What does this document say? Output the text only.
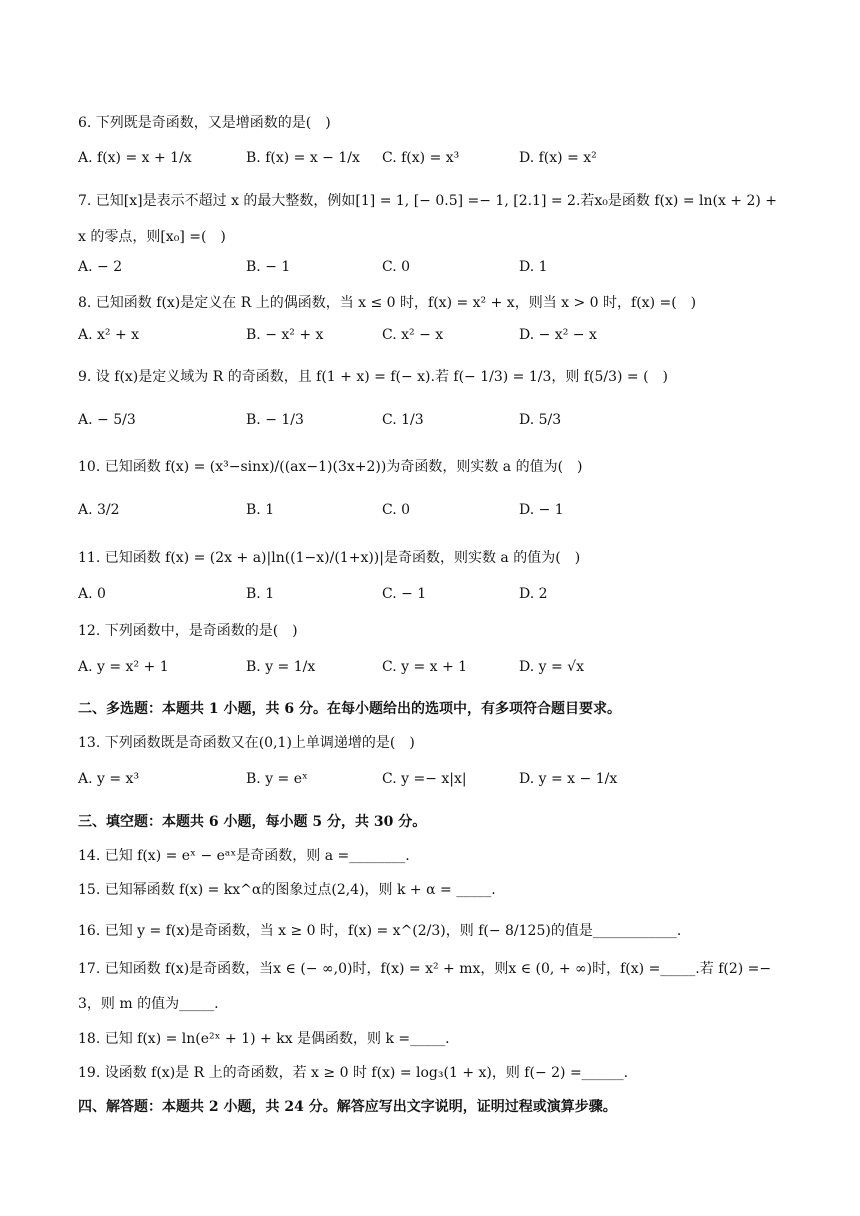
6. 下列既是奇函数，又是增函数的是(　)
A. f(x) = x + 1/x	B. f(x) = x − 1/x C. f(x) = x³	D. f(x) = x²
7. 已知[x]是表示不超过 x 的最大整数，例如[1] = 1, [− 0.5] =− 1, [2.1] = 2.若x₀是函数 f(x) = ln(x + 2) +
x 的零点，则[x₀] =(　)
A. − 2	B. − 1	C. 0	D. 1
8. 已知函数 f(x)是定义在 R 上的偶函数，当 x ≤ 0 时，f(x) = x² + x，则当 x > 0 时，f(x) =(　)
A. x² + x	B. − x² + x	C. x² − x	D. − x² − x
9. 设 f(x)是定义域为 R 的奇函数，且 f(1 + x) = f(− x).若 f(− 1/3) = 1/3，则 f(5/3) = (　)
A. − 5/3	B. − 1/3	C. 1/3	D. 5/3
10. 已知函数 f(x) = (x³−sinx)/((ax−1)(3x+2))为奇函数，则实数 a 的值为(　)
A. 3/2	B. 1	C. 0	D. − 1
11. 已知函数 f(x) = (2x + a)|ln((1−x)/(1+x))|是奇函数，则实数 a 的值为(　)
A. 0	B. 1	C. − 1	D. 2
12. 下列函数中，是奇函数的是(　)
A. y = x² + 1	B. y = 1/x	C. y = x + 1	D. y = √x
二、多选题：本题共 1 小题，共 6 分。在每小题给出的选项中，有多项符合题目要求。
13. 下列函数既是奇函数又在(0,1)上单调递增的是(　)
A. y = x³	B. y = eˣ	C. y =− x|x|	D. y = x − 1/x
三、填空题：本题共 6 小题，每小题 5 分，共 30 分。
14. 已知 f(x) = eˣ − eᵃˣ是奇函数，则 a =________.
15. 已知幂函数 f(x) = kx^α的图象过点(2,4)，则 k + α = _____.
16. 已知 y = f(x)是奇函数，当 x ≥ 0 时，f(x) = x^(2/3)，则 f(− 8/125)的值是____________.
17. 已知函数 f(x)是奇函数，当x ∈ (− ∞,0)时，f(x) = x² + mx，则x ∈ (0, + ∞)时，f(x) =_____.若 f(2) =−
3，则 m 的值为_____.
18. 已知 f(x) = ln(e²ˣ + 1) + kx 是偶函数，则 k =_____.
19. 设函数 f(x)是 R 上的奇函数，若 x ≥ 0 时 f(x) = log₃(1 + x)，则 f(− 2) =______.
四、解答题：本题共 2 小题，共 24 分。解答应写出文字说明，证明过程或演算步骤。
